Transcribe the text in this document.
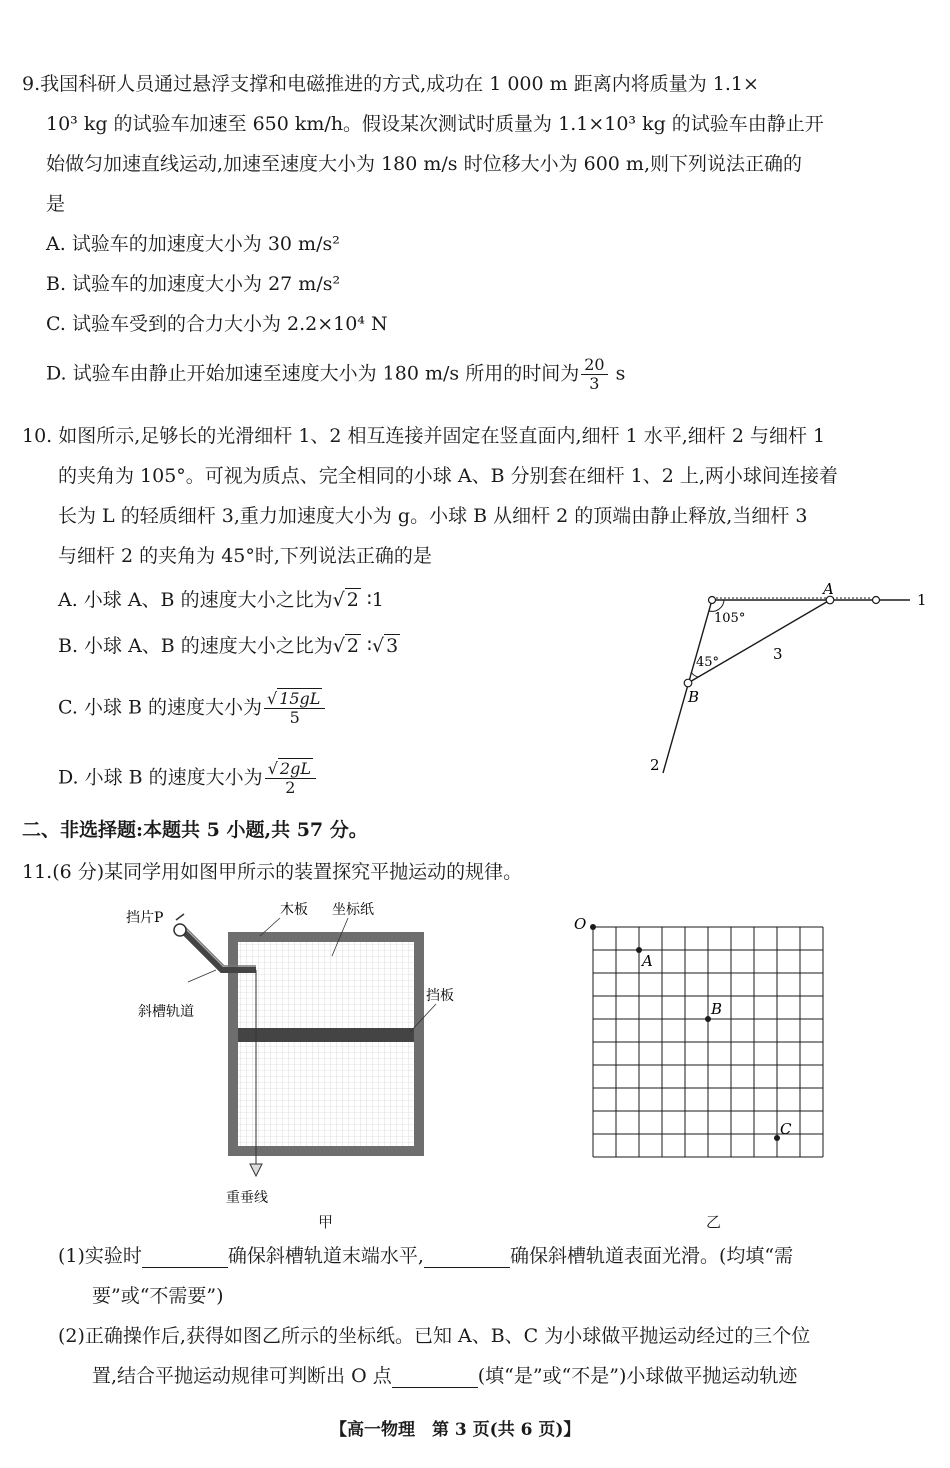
9.我国科研人员通过悬浮支撑和电磁推进的方式,成功在 1 000 m 距离内将质量为 1.1×

10³ kg 的试验车加速至 650 km/h。假设某次测试时质量为 1.1×10³ kg 的试验车由静止开

始做匀加速直线运动,加速至速度大小为 180 m/s 时位移大小为 600 m,则下列说法正确的

是

A. 试验车的加速度大小为 30 m/s²

B. 试验车的加速度大小为 27 m/s²

C. 试验车受到的合力大小为 2.2×10⁴ N

D. 试验车由静止开始加速至速度大小为 180 m/s 所用的时间为 $\frac{20}{3}$ s

10. 如图所示,足够长的光滑细杆 1、2 相互连接并固定在竖直面内,细杆 1 水平,细杆 2 与细杆 1

的夹角为 105°。可视为质点、完全相同的小球 A、B 分别套在细杆 1、2 上,两小球间连接着

长为 L 的轻质细杆 3,重力加速度大小为 g。小球 B 从细杆 2 的顶端由静止释放,当细杆 3

与细杆 2 的夹角为 45°时,下列说法正确的是

A. 小球 A、B 的速度大小之比为√ 2 ∶1

B. 小球 A、B 的速度大小之比为√ 2 ∶√ 3

C. 小球 B 的速度大小为 $\frac{√ 15gL}{5}$

D. 小球 B 的速度大小为 $\frac{√ 2gL}{2}$

105°
45°
A
B
1
2
3

二、非选择题:本题共 5 小题,共 57 分。

11.(6 分)某同学用如图甲所示的装置探究平抛运动的规律。

挡片P	木板 坐标纸
挡板
斜槽轨道
重垂线

甲

O
A
B
C

乙

(1)实验时	确保斜槽轨道末端水平,	确保斜槽轨道表面光滑。(均填“需

要”或“不需要”)

(2)正确操作后,获得如图乙所示的坐标纸。已知 A、B、C 为小球做平抛运动经过的三个位

置,结合平抛运动规律可判断出 O 点	(填“是”或“不是”)小球做平抛运动轨迹

【高一物理　第 3 页(共 6 页)】
